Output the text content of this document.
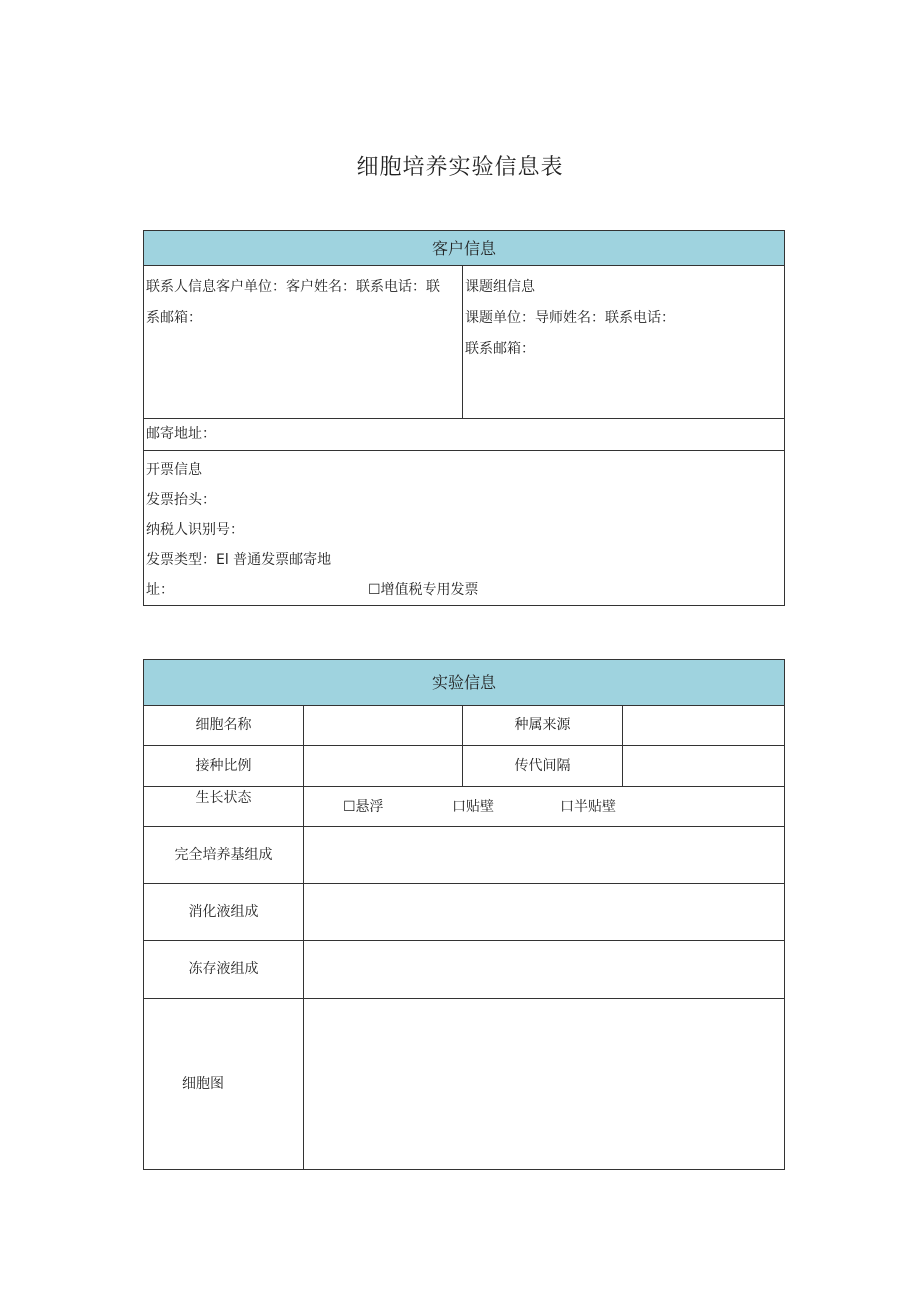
细胞培养实验信息表
客户信息

联系人信息客户单位：客户姓名：联系电话：联
系邮箱：

课题组信息
课题单位：导师姓名：联系电话：
联系邮箱：

邮寄地址：

开票信息
发票抬头：
纳税人识别号：
发票类型：El 普通发票邮寄地
址：	☐增值税专用发票
实验信息			
细胞名称		种属来源	
接种比例		传代间隔	
生长状态	☐悬浮 口贴壁 口半贴壁		

完全培养基组成			
消化液组成			
冻存液组成			
细胞图			
